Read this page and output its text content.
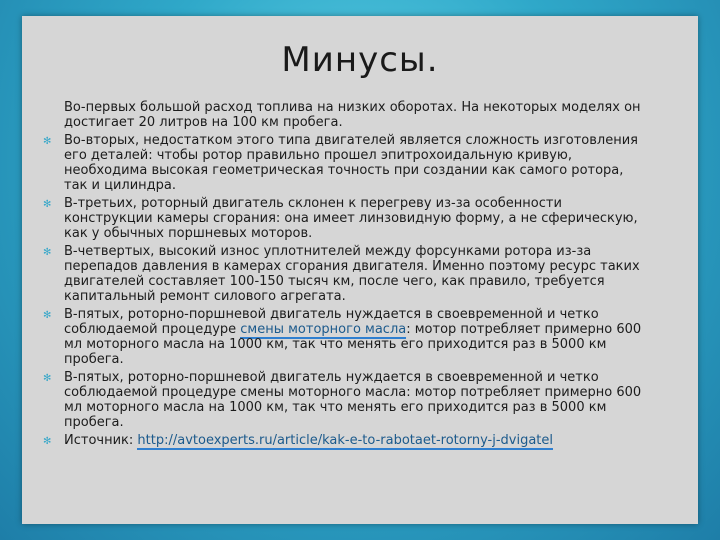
Минусы.
Во-первых большой расход топлива на низких оборотах. На некоторых моделях он достигает 20 литров на 100 км пробега.
✻ Во-вторых, недостатком этого типа двигателей является сложность изготовления его деталей: чтобы ротор правильно прошел эпитрохоидальную кривую, необходима высокая геометрическая точность при создании как самого ротора, так и цилиндра.
✻ В-третьих, роторный двигатель склонен к перегреву из-за особенности конструкции камеры сгорания: она имеет линзовидную форму, а не сферическую, как у обычных поршневых моторов.
✻ В-четвертых, высокий износ уплотнителей между форсунками ротора из-за перепадов давления в камерах сгорания двигателя. Именно поэтому ресурс таких двигателей составляет 100-150 тысяч км, после чего, как правило, требуется капитальный ремонт силового агрегата.
✻ В-пятых, роторно-поршневой двигатель нуждается в своевременной и четко соблюдаемой процедуре смены моторного масла: мотор потребляет примерно 600 мл моторного масла на 1000 км, так что менять его приходится раз в 5000 км пробега.
✻ В-пятых, роторно-поршневой двигатель нуждается в своевременной и четко соблюдаемой процедуре смены моторного масла: мотор потребляет примерно 600 мл моторного масла на 1000 км, так что менять его приходится раз в 5000 км пробега.
✻ Источник: http://avtoexperts.ru/article/kak-e-to-rabotaet-rotorny-j-dvigatel
